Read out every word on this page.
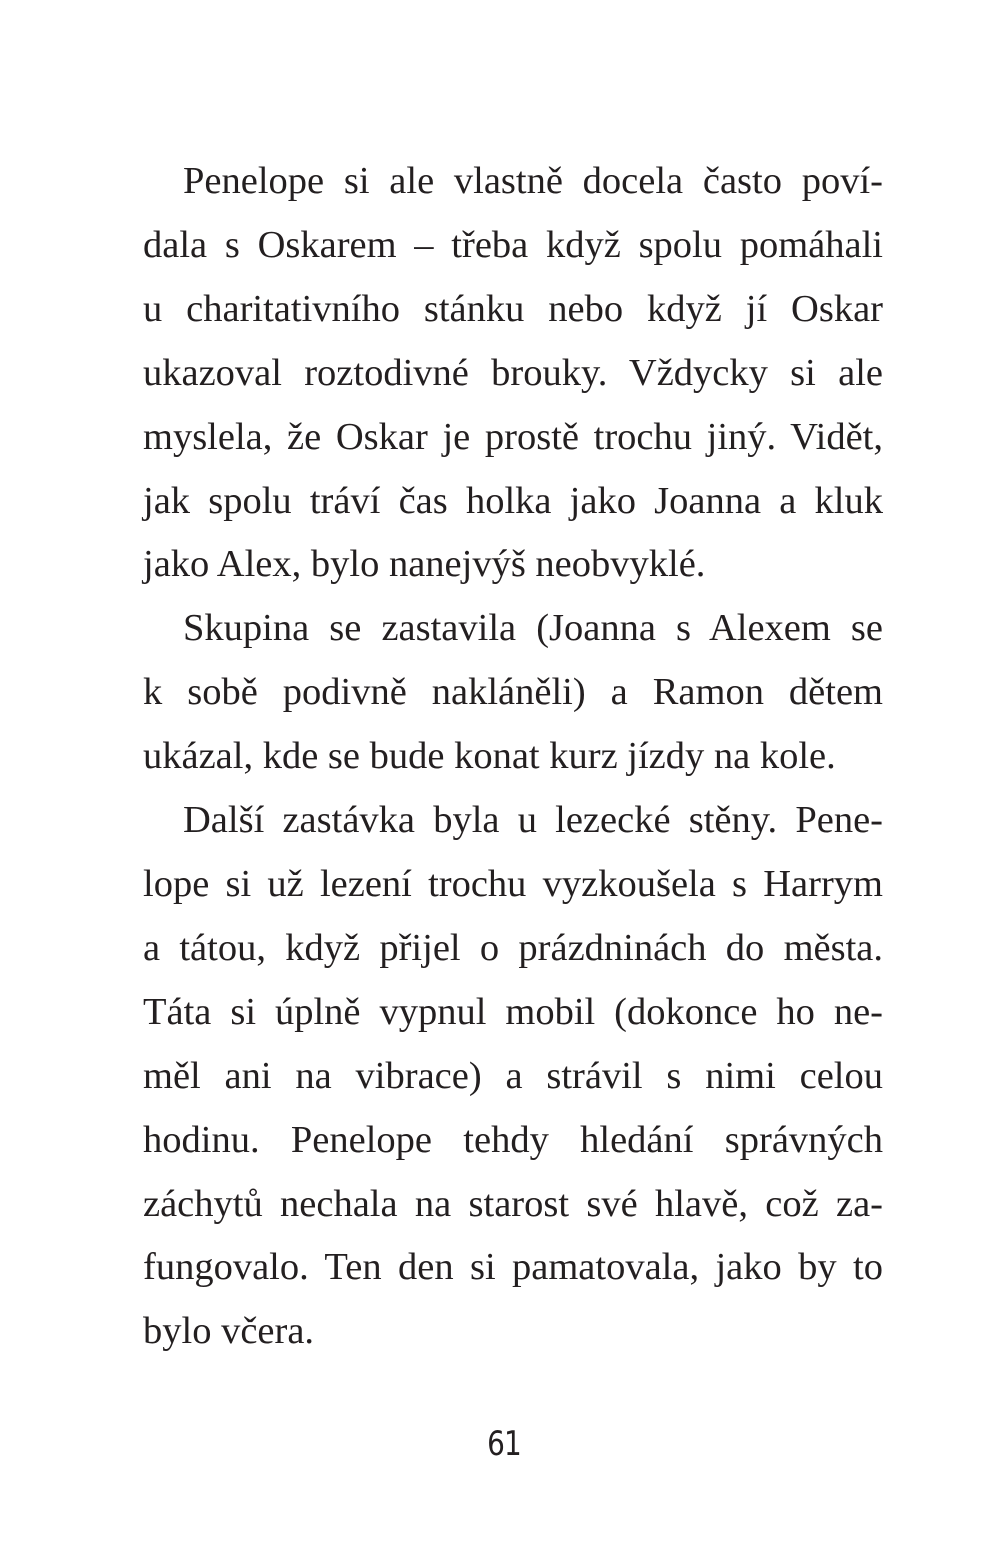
Penelope si ale vlastně docela často poví-
dala s Oskarem – třeba když spolu pomáhali
u charitativního stánku nebo když jí Oskar
ukazoval roztodivné brouky. Vždycky si ale
myslela, že Oskar je prostě trochu jiný. Vidět,
jak spolu tráví čas holka jako Joanna a kluk
jako Alex, bylo nanejvýš neobvyklé.
Skupina se zastavila (Joanna s Alexem se
k sobě podivně nakláněli) a Ramon dětem
ukázal, kde se bude konat kurz jízdy na kole.
Další zastávka byla u lezecké stěny. Pene-
lope si už lezení trochu vyzkoušela s Harrym
a tátou, když přijel o prázdninách do města.
Táta si úplně vypnul mobil (dokonce ho ne-
měl ani na vibrace) a strávil s nimi celou
hodinu. Penelope tehdy hledání správných
záchytů nechala na starost své hlavě, což za-
fungovalo. Ten den si pamatovala, jako by to
bylo včera.
61
